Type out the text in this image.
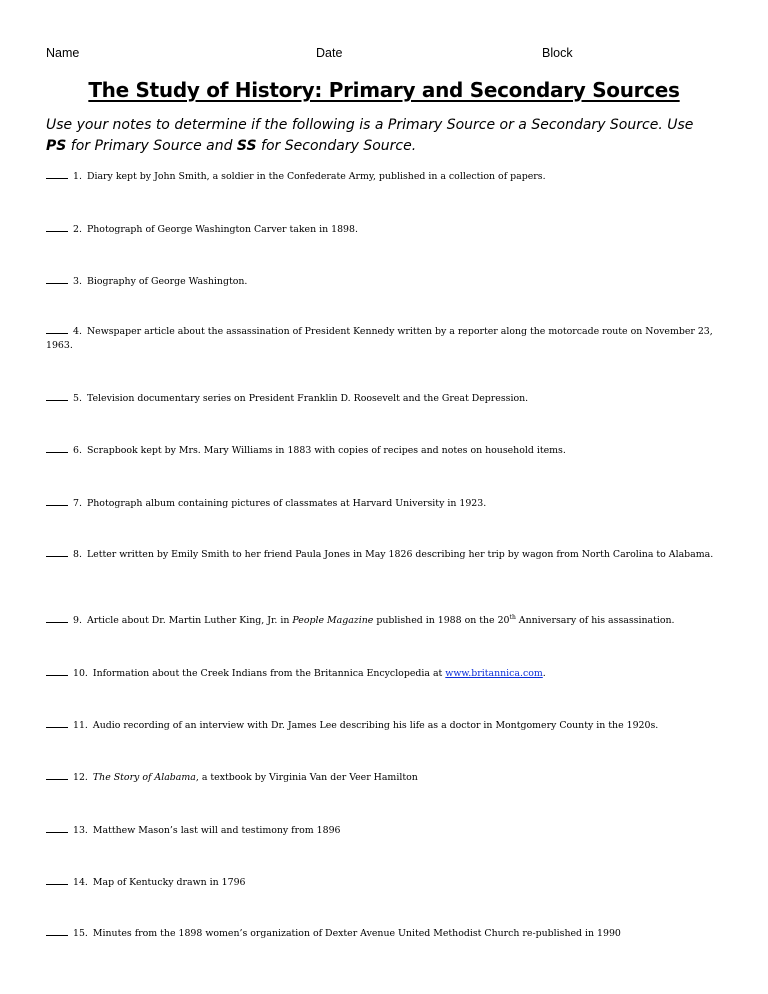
Name	Date	Block
The Study of History: Primary and Secondary Sources
Use your notes to determine if the following is a Primary Source or a Secondary Source. Use
PS for Primary Source and SS for Secondary Source.
1. Diary kept by John Smith, a soldier in the Confederate Army, published in a collection of papers.
2. Photograph of George Washington Carver taken in 1898.
3. Biography of George Washington.
4. Newspaper article about the assassination of President Kennedy written by a reporter along the motorcade route on November 23, 1963.
5. Television documentary series on President Franklin D. Roosevelt and the Great Depression.
6. Scrapbook kept by Mrs. Mary Williams in 1883 with copies of recipes and notes on household items.
7. Photograph album containing pictures of classmates at Harvard University in 1923.
8. Letter written by Emily Smith to her friend Paula Jones in May 1826 describing her trip by wagon from North Carolina to Alabama.
9. Article about Dr. Martin Luther King, Jr. in People Magazine published in 1988 on the 20th Anniversary of his assassination.
10. Information about the Creek Indians from the Britannica Encyclopedia at www.britannica.com.
11. Audio recording of an interview with Dr. James Lee describing his life as a doctor in Montgomery County in the 1920s.
12. The Story of Alabama, a textbook by Virginia Van der Veer Hamilton
13. Matthew Mason’s last will and testimony from 1896
14. Map of Kentucky drawn in 1796
15. Minutes from the 1898 women’s organization of Dexter Avenue United Methodist Church re-published in 1990
